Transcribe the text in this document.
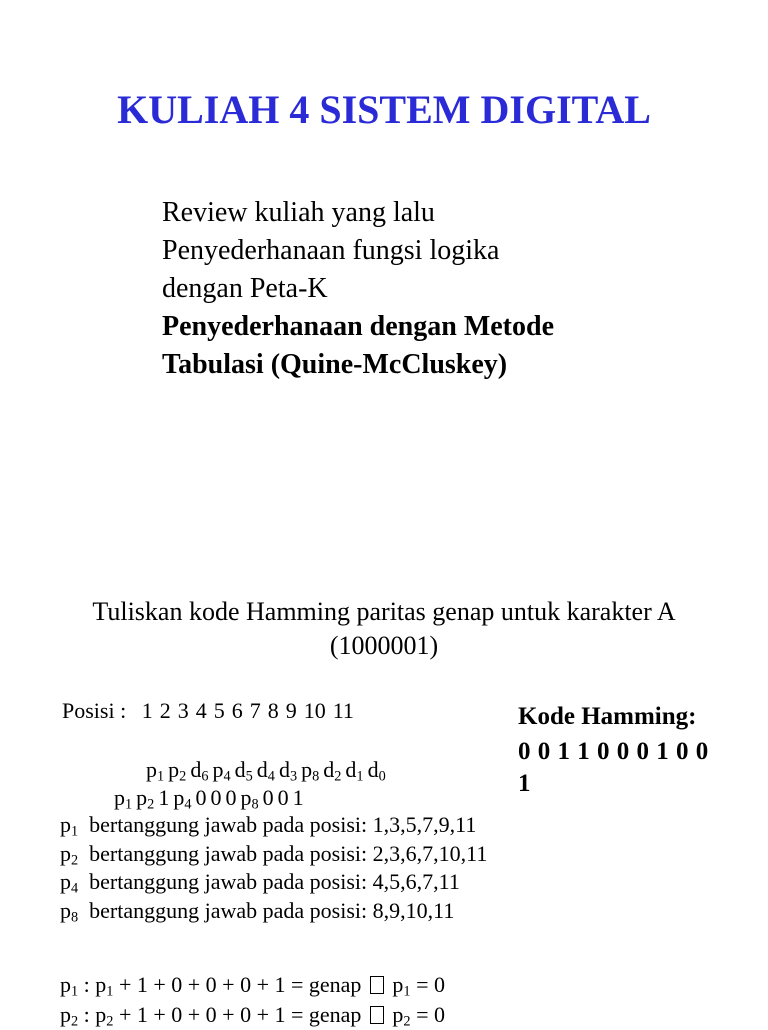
KULIAH 4 SISTEM DIGITAL
Review kuliah yang lalu
Penyederhanaan fungsi logika
dengan Peta-K
Penyederhanaan dengan Metode
Tabulasi (Quine-McCluskey)
Tuliskan kode Hamming paritas genap untuk karakter A
(1000001)
Posisi : 1 2 3 4 5 6 7 8 9 10 11	Kode Hamming:
0 0 1 1 0 0 0 1 0 0
1
$p_1$ $p_2$ $d_6$ $p_4$ $d_5$ $d_4$ $d_3$ $p_8$ $d_2$ $d_1$ $d_0$
$p_1$ $p_2$ 1 $p_4$ 0 0 0 $p_8$ 0 0 1
$p_1$  bertanggung jawab pada posisi: 1,3,5,7,9,11
$p_2$  bertanggung jawab pada posisi: 2,3,6,7,10,11
$p_4$  bertanggung jawab pada posisi: 4,5,6,7,11
$p_8$  bertanggung jawab pada posisi: 8,9,10,11
$p_1$ : $p_1 + 1 + 0 + 0 + 0 + 1$ = genap  $p_1 = 0$
$p_2$ : $p_2 + 1 + 0 + 0 + 0 + 1$ = genap  $p_2 = 0$
